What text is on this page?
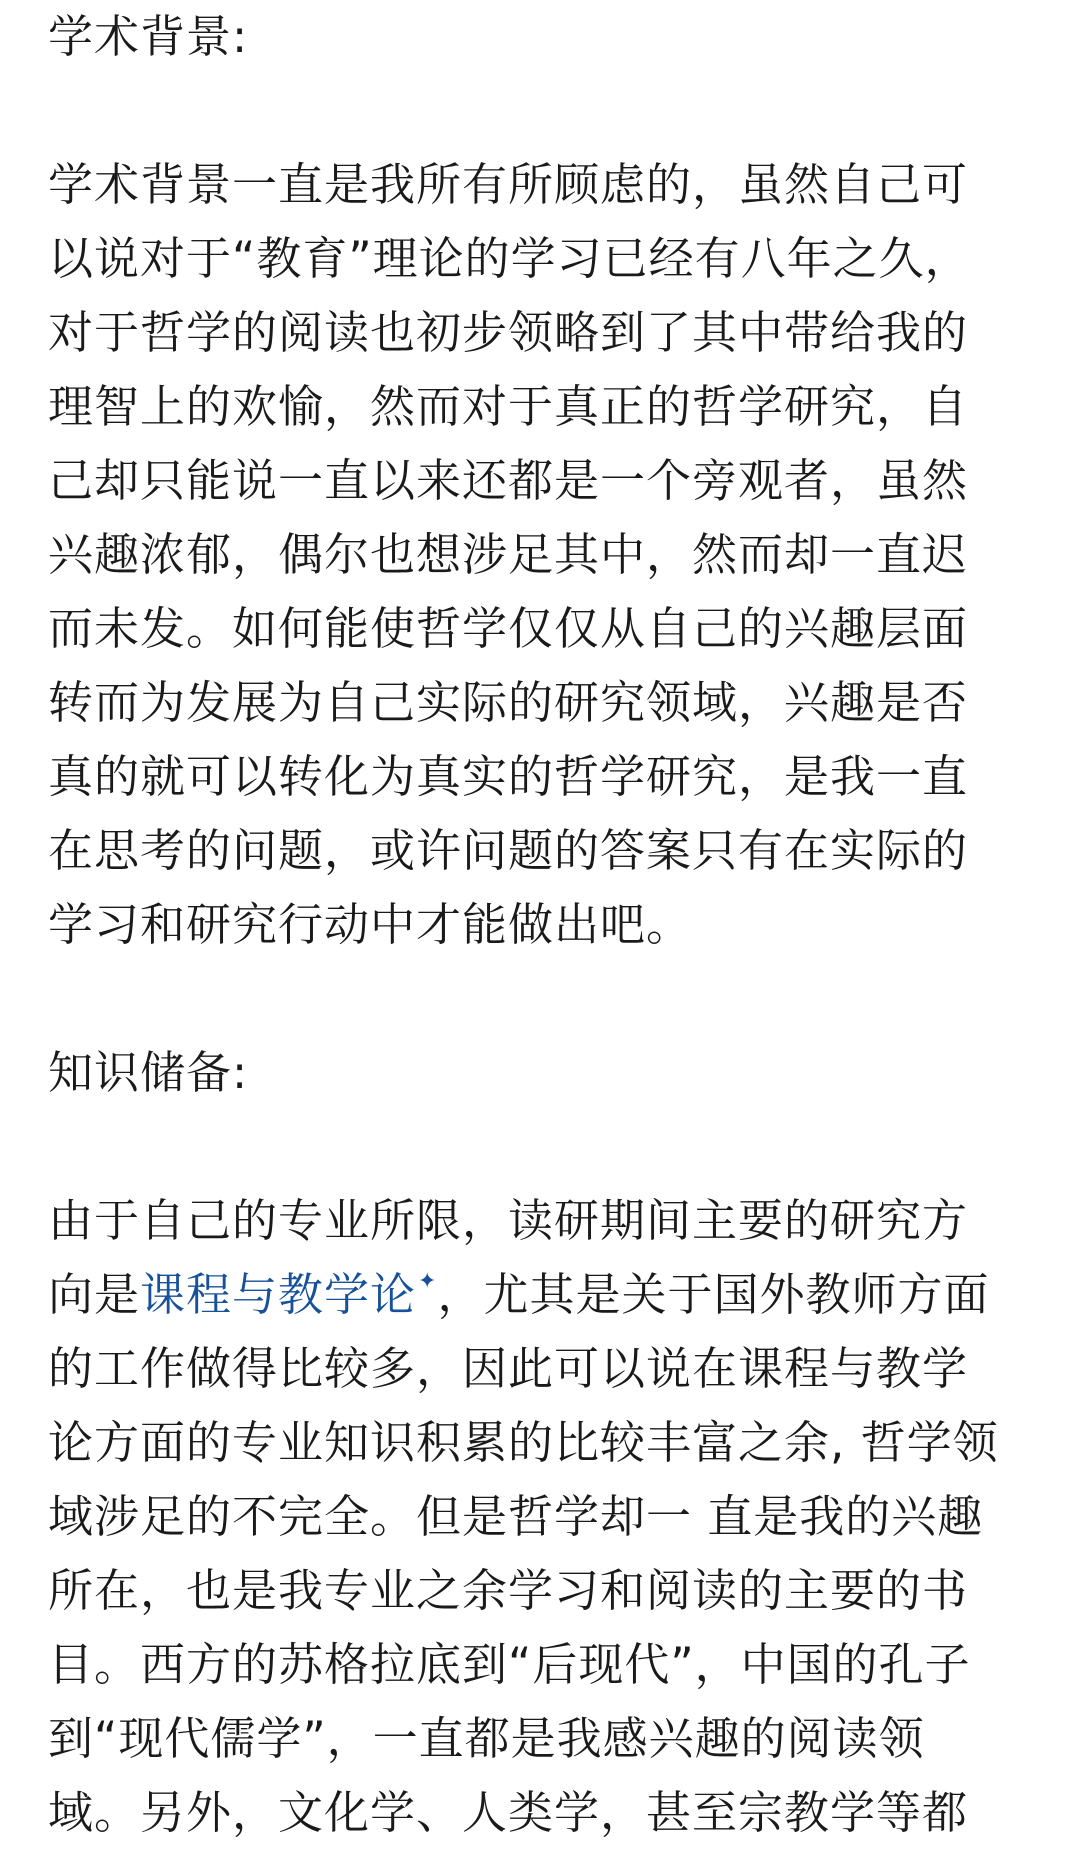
学术背景:
学术背景一直是我所有所顾虑的，虽然自己可
以说对于“教育”理论的学习已经有八年之久，
对于哲学的阅读也初步领略到了其中带给我的
理智上的欢愉，然而对于真正的哲学研究，自
己却只能说一直以来还都是一个旁观者，虽然
兴趣浓郁，偶尔也想涉足其中，然而却一直迟
而未发。如何能使哲学仅仅从自己的兴趣层面
转而为发展为自己实际的研究领域，兴趣是否
真的就可以转化为真实的哲学研究，是我一直
在思考的问题，或许问题的答案只有在实际的
学习和研究行动中才能做出吧。
知识储备:
由于自己的专业所限，读研期间主要的研究方
向是课程与教学论✦，尤其是关于国外教师方面
的工作做得比较多，因此可以说在课程与教学
论方面的专业知识积累的比较丰富之余, 哲学领
域涉足的不完全。但是哲学却一 直是我的兴趣
所在，也是我专业之余学习和阅读的主要的书
目。西方的苏格拉底到“后现代”，中国的孔子
到“现代儒学”，一直都是我感兴趣的阅读领
域。另外，文化学、人类学，甚至宗教学等都
